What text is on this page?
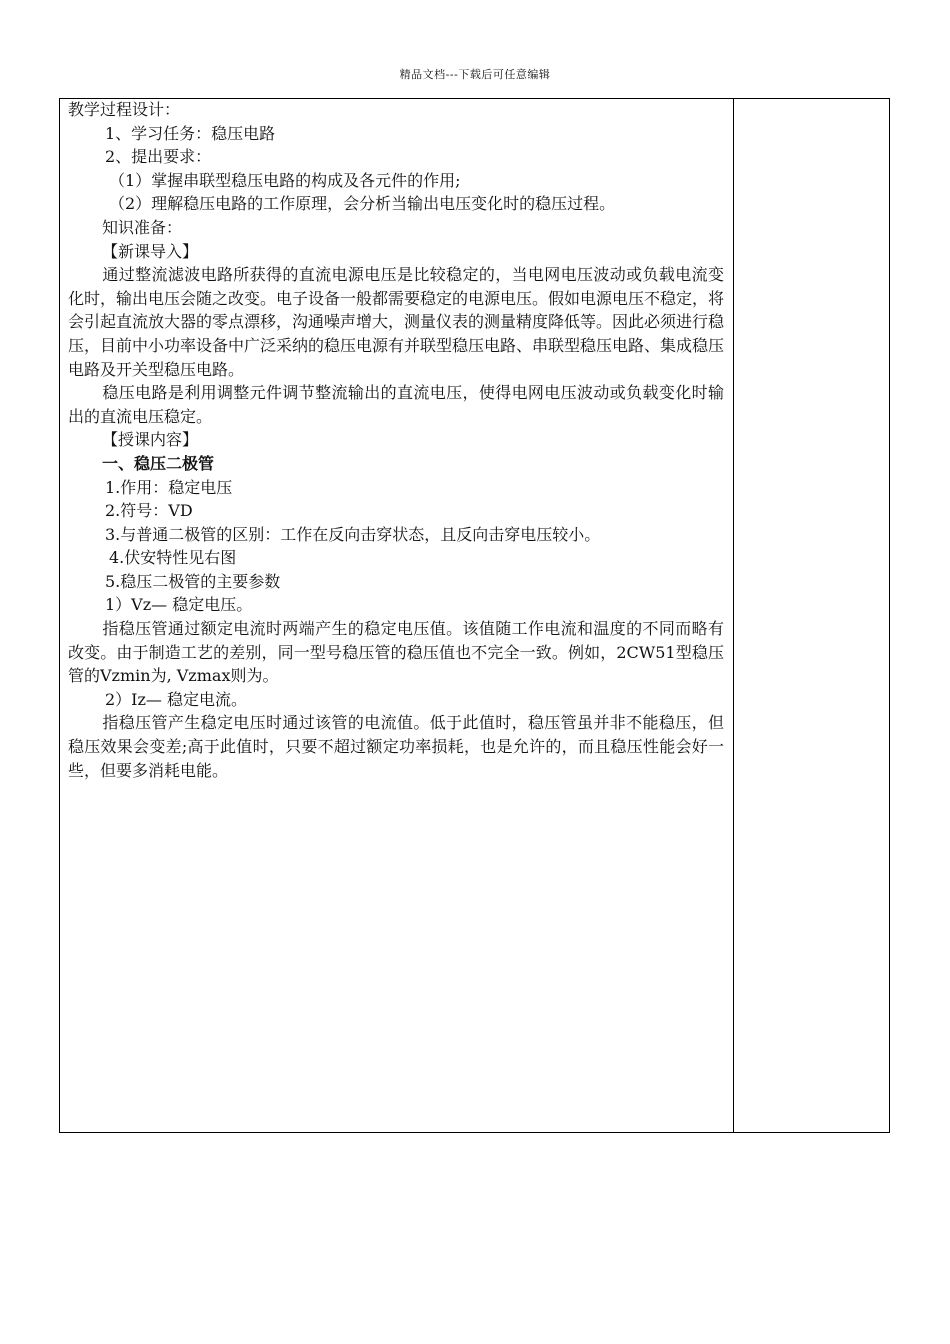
精品文档---下载后可任意编辑
教学过程设计：
1、学习任务：稳压电路
2、提出要求：
（1）掌握串联型稳压电路的构成及各元件的作用;
（2）理解稳压电路的工作原理，会分析当输出电压变化时的稳压过程。
知识准备：
【新课导入】

通过整流滤波电路所获得的直流电源电压是比较稳定的，当电网电压波动或负载电流变化时，输出电压会随之改变。电子设备一般都需要稳定的电源电压。假如电源电压不稳定，将会引起直流放大器的零点漂移，沟通噪声增大，测量仪表的测量精度降低等。因此必须进行稳压，目前中小功率设备中广泛采纳的稳压电源有并联型稳压电路、串联型稳压电路、集成稳压电路及开关型稳压电路。

稳压电路是利用调整元件调节整流输出的直流电压，使得电网电压波动或负载变化时输出的直流电压稳定。

【授课内容】
一、稳压二极管
1.作用：稳定电压
2.符号：VD
3.与普通二极管的区别：工作在反向击穿状态，且反向击穿电压较小。
4.伏安特性见右图
5.稳压二极管的主要参数
1）Vz— 稳定电压。

指稳压管通过额定电流时两端产生的稳定电压值。该值随工作电流和温度的不同而略有改变。由于制造工艺的差别，同一型号稳压管的稳压值也不完全一致。例如，2CW51型稳压管的Vzmin为, Vzmax则为。

2）Iz— 稳定电流。

指稳压管产生稳定电压时通过该管的电流值。低于此值时，稳压管虽并非不能稳压，但稳压效果会变差;高于此值时，只要不超过额定功率损耗，也是允许的，而且稳压性能会好一些，但要多消耗电能。
